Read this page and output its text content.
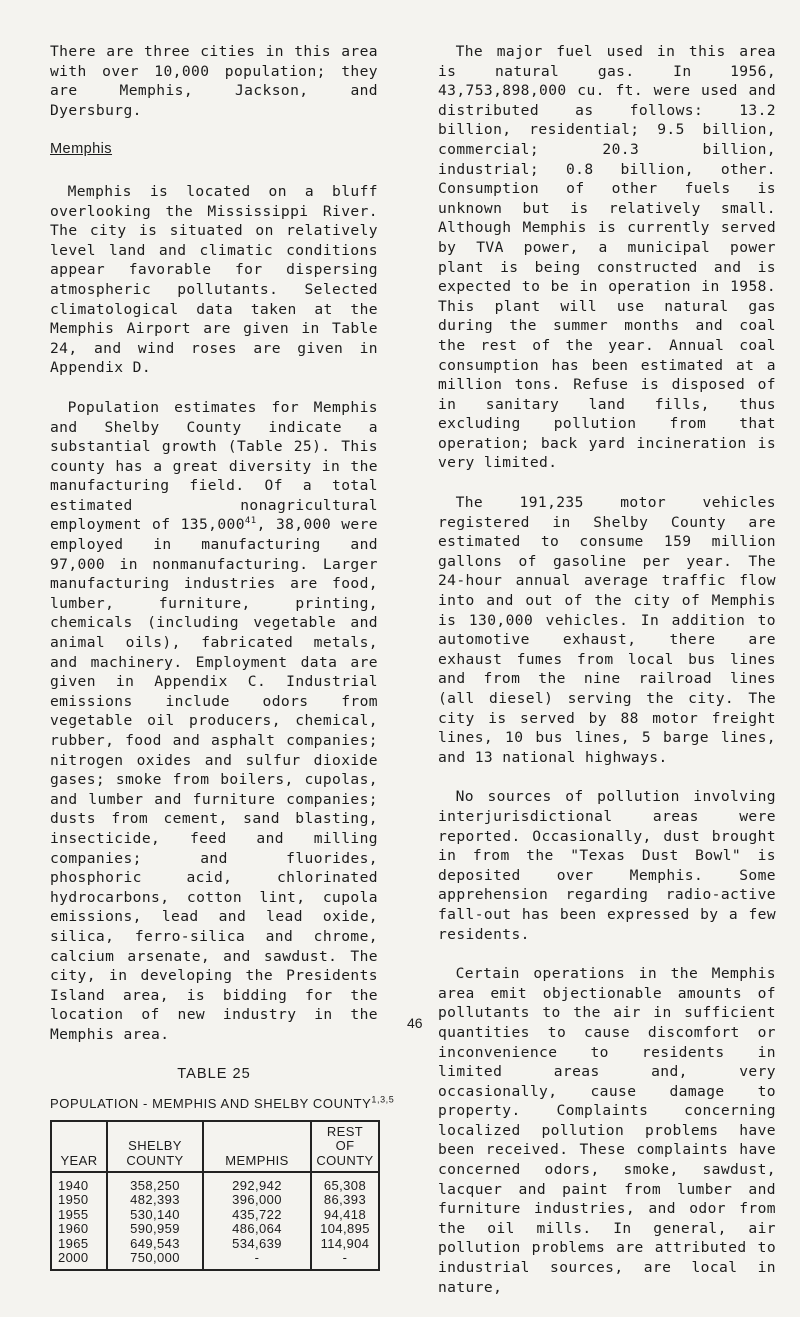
There are three cities in this area with over 10,000 population; they are Memphis, Jackson, and Dyersburg.

Memphis

Memphis is located on a bluff overlooking the Mississippi River. The city is situated on relatively level land and climatic conditions appear favorable for dispersing atmospheric pollutants. Selected climatological data taken at the Memphis Airport are given in Table 24, and wind roses are given in Appendix D.

Population estimates for Memphis and Shelby County indicate a substantial growth (Table 25). This county has a great diversity in the manufacturing field. Of a total estimated nonagricultural employment of 135,000$^{41}$, 38,000 were employed in manufacturing and 97,000 in nonmanufacturing. Larger manufacturing industries are food, lumber, furniture, printing, chemicals (including vegetable and animal oils), fabricated metals, and machinery. Employment data are given in Appendix C. Industrial emissions include odors from vegetable oil producers, chemical, rubber, food and asphalt companies; nitrogen oxides and sulfur dioxide gases; smoke from boilers, cupolas, and lumber and furniture companies; dusts from cement, sand blasting, insecticide, feed and milling companies; and fluorides, phosphoric acid, chlorinated hydrocarbons, cotton lint, cupola emissions, lead and lead oxide, silica, ferro-silica and chrome, calcium arsenate, and sawdust. The city, in developing the Presidents Island area, is bidding for the location of new industry in the Memphis area.

TABLE 25
POPULATION - MEMPHIS AND SHELBY COUNTY$^{1,3,5}$
YEAR	SHELBY COUNTY	MEMPHIS	REST OF COUNTY
1940	358,250	292,942	65,308
1950	482,393	396,000	86,393
1955	530,140	435,722	94,418
1960	590,959	486,064	104,895
1965	649,543	534,639	114,904
2000	750,000	-	-

The major fuel used in this area is natural gas. In 1956, 43,753,898,000 cu. ft. were used and distributed as follows: 13.2 billion, residential; 9.5 billion, commercial; 20.3 billion, industrial; 0.8 billion, other. Consumption of other fuels is unknown but is relatively small. Although Memphis is currently served by TVA power, a municipal power plant is being constructed and is expected to be in operation in 1958. This plant will use natural gas during the summer months and coal the rest of the year. Annual coal consumption has been estimated at a million tons. Refuse is disposed of in sanitary land fills, thus excluding pollution from that operation; back yard incineration is very limited.

The 191,235 motor vehicles registered in Shelby County are estimated to consume 159 million gallons of gasoline per year. The 24-hour annual average traffic flow into and out of the city of Memphis is 130,000 vehicles. In addition to automotive exhaust, there are exhaust fumes from local bus lines and from the nine railroad lines (all diesel) serving the city. The city is served by 88 motor freight lines, 10 bus lines, 5 barge lines, and 13 national highways.

No sources of pollution involving interjurisdictional areas were reported. Occasionally, dust brought in from the "Texas Dust Bowl" is deposited over Memphis. Some apprehension regarding radio-active fall-out has been expressed by a few residents.

Certain operations in the Memphis area emit objectionable amounts of pollutants to the air in sufficient quantities to cause discomfort or inconvenience to residents in limited areas and, very occasionally, cause damage to property. Complaints concerning localized pollution problems have been received. These complaints have concerned odors, smoke, sawdust, lacquer and paint from lumber and furniture industries, and odor from the oil mills. In general, air pollution problems are attributed to industrial sources, are local in nature,

46
